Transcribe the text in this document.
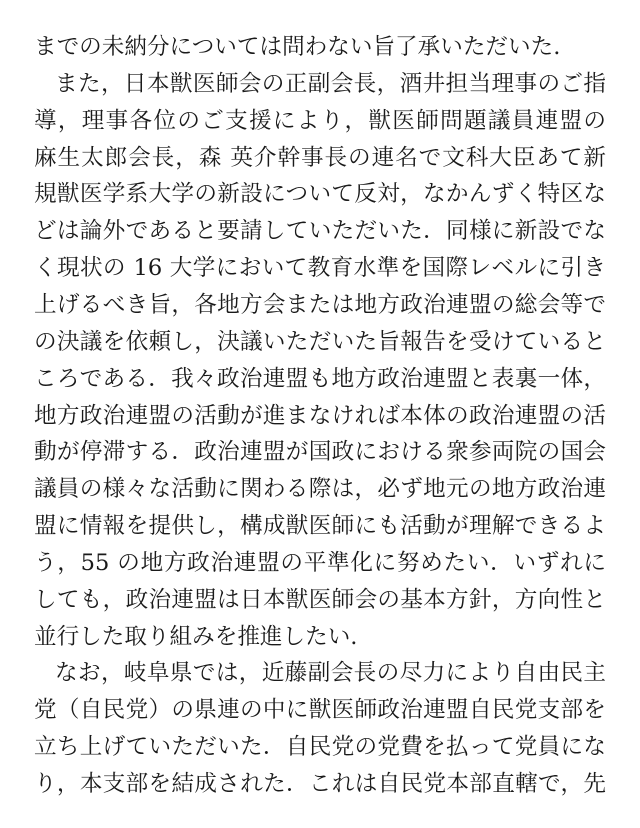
までの未納分については問わない旨了承いただいた.
また，日本獣医師会の正副会長，酒井担当理事のご指
導，理事各位のご支援により，獣医師問題議員連盟の
麻生太郎会長，森 英介幹事長の連名で文科大臣あて新
規獣医学系大学の新設について反対，なかんずく特区な
どは論外であると要請していただいた．同様に新設でな
く現状の 16 大学において教育水準を国際レベルに引き
上げるべき旨，各地方会または地方政治連盟の総会等で
の決議を依頼し，決議いただいた旨報告を受けていると
ころである．我々政治連盟も地方政治連盟と表裏一体，
地方政治連盟の活動が進まなければ本体の政治連盟の活
動が停滞する．政治連盟が国政における衆参両院の国会
議員の様々な活動に関わる際は，必ず地元の地方政治連
盟に情報を提供し，構成獣医師にも活動が理解できるよ
う，55 の地方政治連盟の平準化に努めたい．いずれに
しても，政治連盟は日本獣医師会の基本方針，方向性と
並行した取り組みを推進したい.
なお，岐阜県では，近藤副会長の尽力により自由民主
党（自民党）の県連の中に獣医師政治連盟自民党支部を
立ち上げていただいた．自民党の党費を払って党員にな
り，本支部を結成された．これは自民党本部直轄で，先
